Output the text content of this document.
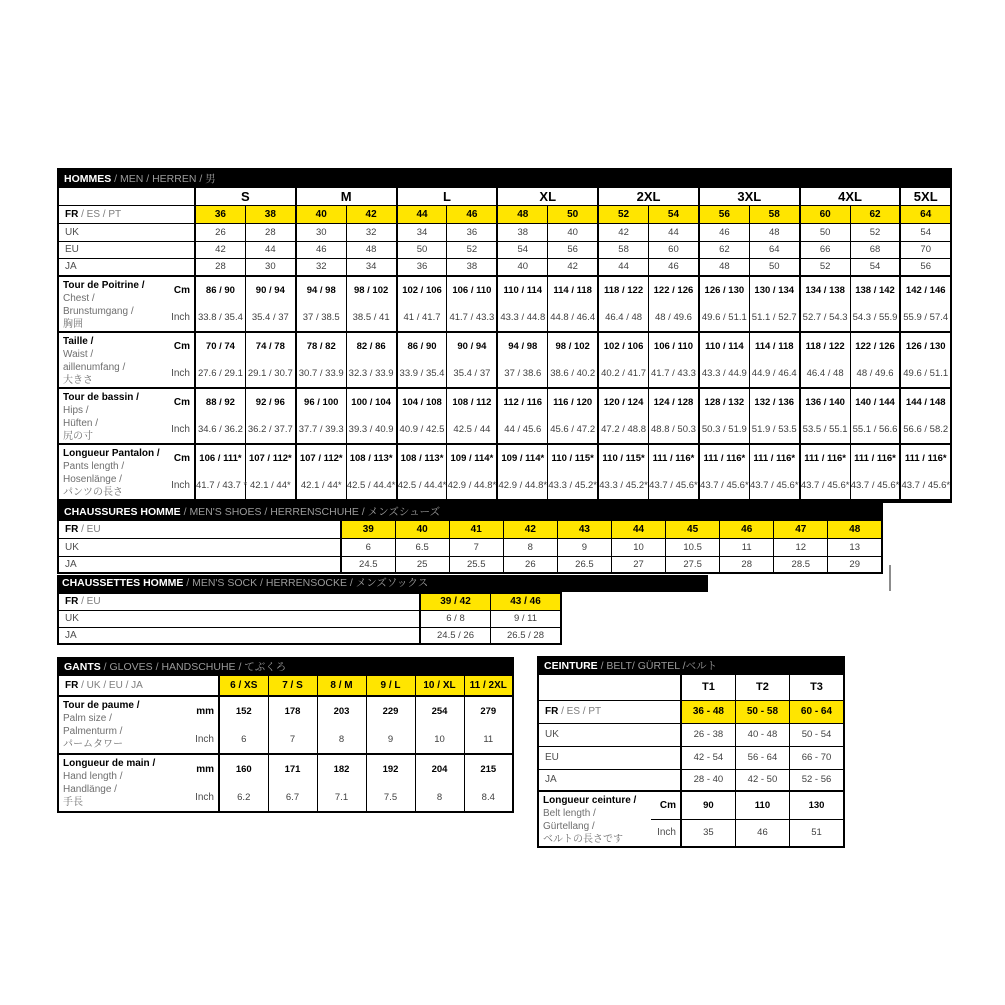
HOMMES / MEN / HERREN / 男																
		S		M		L		XL		2XL		3XL		4XL		5XL
FR / ES / PT		36	38	40	42	44	46	48	50	52	54	56	58	60	62	64
UK		26	28	30	32	34	36	38	40	42	44	46	48	50	52	54
EU		42	44	46	48	50	52	54	56	58	60	62	64	66	68	70
JA		28	30	32	34	36	38	40	42	44	46	48	50	52	54	56
Tour de Poitrine /
Chest /
Brunstumgang /
胸囲	Cm	86 / 90	90 / 94	94 / 98	98 / 102	102 / 106	106 / 110	110 / 114	114 / 118	118 / 122	122 / 126	126 / 130	130 / 134	134 / 138	138 / 142	142 / 146
	Inch	33.8 / 35.4	35.4 / 37	37 / 38.5	38.5 / 41	41 / 41.7	41.7 / 43.3	43.3 / 44.8	44.8 / 46.4	46.4 / 48	48 / 49.6	49.6 / 51.1	51.1 / 52.7	52.7 / 54.3	54.3 / 55.9	55.9 / 57.4
Taille /
Waist /
aillenumfang /
大きさ	Cm	70 / 74	74 / 78	78 / 82	82 / 86	86 / 90	90 / 94	94 / 98	98 / 102	102 / 106	106 / 110	110 / 114	114 / 118	118 / 122	122 / 126	126 / 130
	Inch	27.6 / 29.1	29.1 / 30.7	30.7 / 33.9	32.3 / 33.9	33.9 / 35.4	35.4 / 37	37 / 38.6	38.6 / 40.2	40.2 / 41.7	41.7 / 43.3	43.3 / 44.9	44.9 / 46.4	46.4 / 48	48 / 49.6	49.6 / 51.1
Tour de bassin /
Hips /
Hüften /
尻の寸	Cm	88 / 92	92 / 96	96 / 100	100 / 104	104 / 108	108 / 112	112 / 116	116 / 120	120 / 124	124 / 128	128 / 132	132 / 136	136 / 140	140 / 144	144 / 148
	Inch	34.6 / 36.2	36.2 / 37.7	37.7 / 39.3	39.3 / 40.9	40.9 / 42.5	42.5 / 44	44 / 45.6	45.6 / 47.2	47.2 / 48.8	48.8 / 50.3	50.3 / 51.9	51.9 / 53.5	53.5 / 55.1	55.1 / 56.6	56.6 / 58.2
Longueur Pantalon /
Pants length /
Hosenlänge /
パンツの長さ	Cm	106 / 111*	107 / 112*	107 / 112*	108 / 113*	108 / 113*	109 / 114*	109 / 114*	110 / 115*	110 / 115*	111 / 116*	111 / 116*	111 / 116*	111 / 116*	111 / 116*	111 / 116*
	Inch	41.7 / 43.7 *	42.1 / 44*	42.1 / 44*	42.5 / 44.4*	42.5 / 44.4*	42.9 / 44.8*	42.9 / 44.8*	43.3 / 45.2*	43.3 / 45.2*	43.7 / 45.6*	43.7 / 45.6*	43.7 / 45.6*	43.7 / 45.6*	43.7 / 45.6*	43.7 / 45.6*
CHAUSSURES HOMME / MEN'S SHOES / HERRENSCHUHE / メンズシューズ										
FR / EU	39	40	41	42	43	44	45	46	47	48
UK	6	6.5	7	8	9	10	10.5	11	12	13
JA	24.5	25	25.5	26	26.5	27	27.5	28	28.5	29
CHAUSSETTES HOMME / MEN'S SOCK / HERRENSOCKE / メンズソックス
FR / EU	39 / 42	43 / 46
UK	6 / 8	9 / 11
JA	24.5 / 26	26.5 / 28
GANTS / GLOVES / HANDSCHUHE / てぶくろ							
FR / UK / EU / JA		6 / XS	7 / S	8 / M	9 / L	10 / XL	11 / 2XL
Tour de paume /
Palm size /
Palmenturm /
パームタワー	mm	152	178	203	229	254	279
	Inch	6	7	8	9	10	11
Longueur de main /
Hand length /
Handlänge /
手長	mm	160	171	182	192	204	215
	Inch	6.2	6.7	7.1	7.5	8	8.4
CEINTURE / BELT/ GÜRTEL /ベルト				
		T1	T2	T3
FR / ES / PT		36 - 48	50 - 58	60 - 64
UK		26 - 38	40 - 48	50 - 54
EU		42 - 54	56 - 64	66 - 70
JA		28 - 40	42 - 50	52 - 56
Longueur ceinture /
Belt length /
Gürtellang /
ベルトの長さです	Cm	90	110	130
	Inch	35	46	51
